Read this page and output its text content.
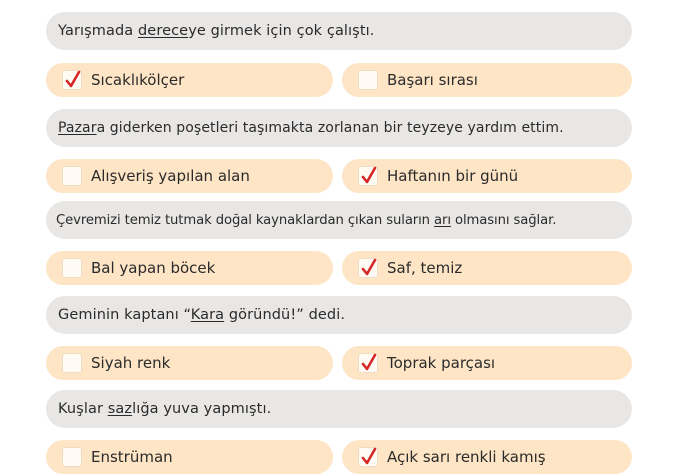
Yarışmada dereceye girmek için çok çalıştı.
Sıcaklıkölçer	Başarı sırası
Pazara giderken poşetleri taşımakta zorlanan bir teyzeye yardım ettim.
Alışveriş yapılan alan	Haftanın bir günü
Çevremizi temiz tutmak doğal kaynaklardan çıkan suların arı olmasını sağlar.
Bal yapan böcek	Saf, temiz
Geminin kaptanı “Kara göründü!” dedi.
Siyah renk	Toprak parçası
Kuşlar sazlığa yuva yapmıştı.
Enstrüman	Açık sarı renkli kamış
